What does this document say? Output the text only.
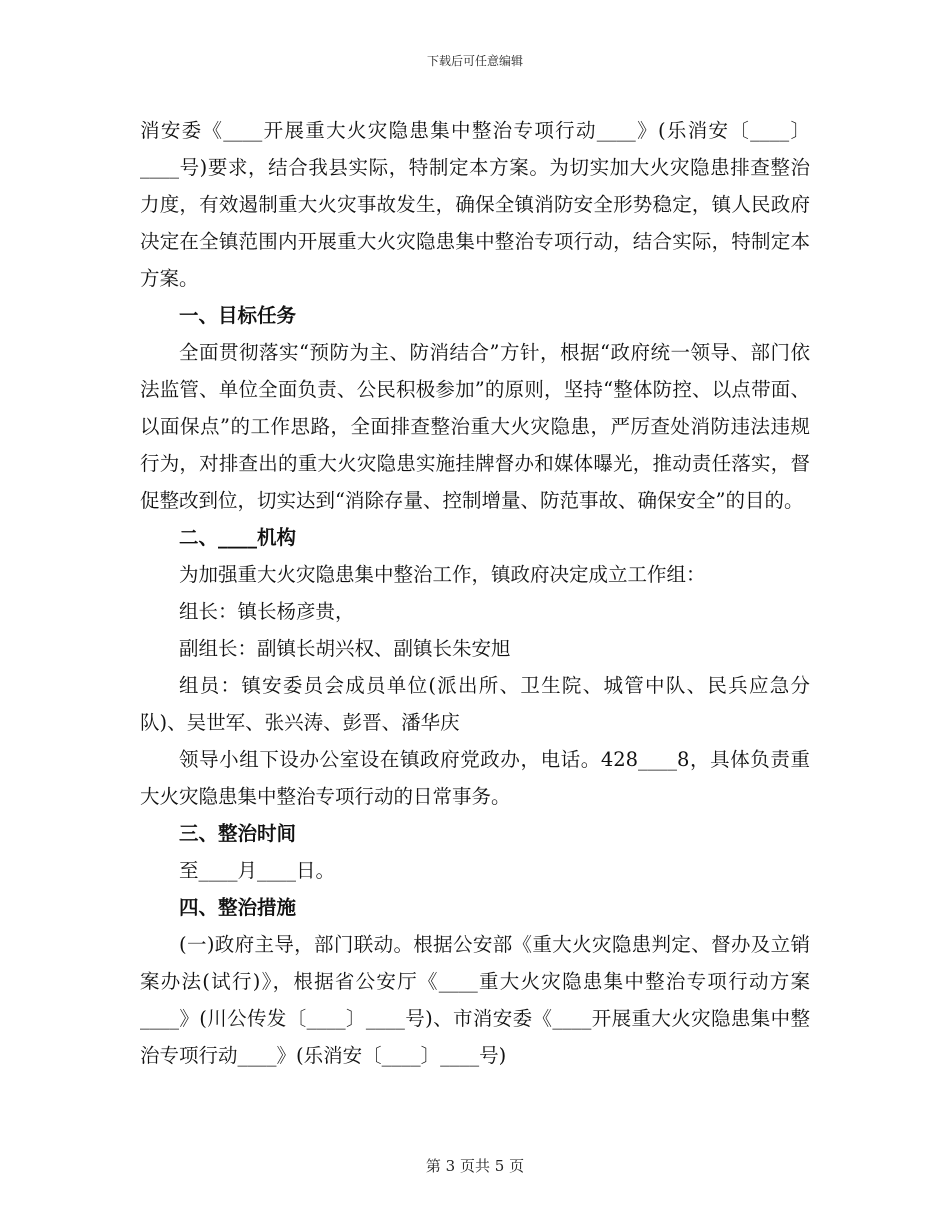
下载后可任意编辑

消安委《____开展重大火灾隐患集中整治专项行动____》(乐消安〔____〕____号)要求，结合我县实际，特制定本方案。为切实加大火灾隐患排查整治力度，有效遏制重大火灾事故发生，确保全镇消防安全形势稳定，镇人民政府决定在全镇范围内开展重大火灾隐患集中整治专项行动，结合实际，特制定本方案。

一、目标任务

全面贯彻落实“预防为主、防消结合”方针，根据“政府统一领导、部门依法监管、单位全面负责、公民积极参加”的原则，坚持“整体防控、以点带面、以面保点”的工作思路，全面排查整治重大火灾隐患，严厉查处消防违法违规行为，对排查出的重大火灾隐患实施挂牌督办和媒体曝光，推动责任落实，督促整改到位，切实达到“消除存量、控制增量、防范事故、确保安全”的目的。

二、____机构

为加强重大火灾隐患集中整治工作，镇政府决定成立工作组：

组长：镇长杨彦贵，

副组长：副镇长胡兴权、副镇长朱安旭

组员：镇安委员会成员单位(派出所、卫生院、城管中队、民兵应急分队)、吴世军、张兴涛、彭晋、潘华庆

领导小组下设办公室设在镇政府党政办，电话。428____8，具体负责重大火灾隐患集中整治专项行动的日常事务。

三、整治时间

至____月____日。

四、整治措施

(一)政府主导，部门联动。根据公安部《重大火灾隐患判定、督办及立销案办法(试行)》，根据省公安厅《____重大火灾隐患集中整治专项行动方案____》(川公传发〔____〕____号)、市消安委《____开展重大火灾隐患集中整治专项行动____》(乐消安〔____〕____号)

第 3 页共 5 页
